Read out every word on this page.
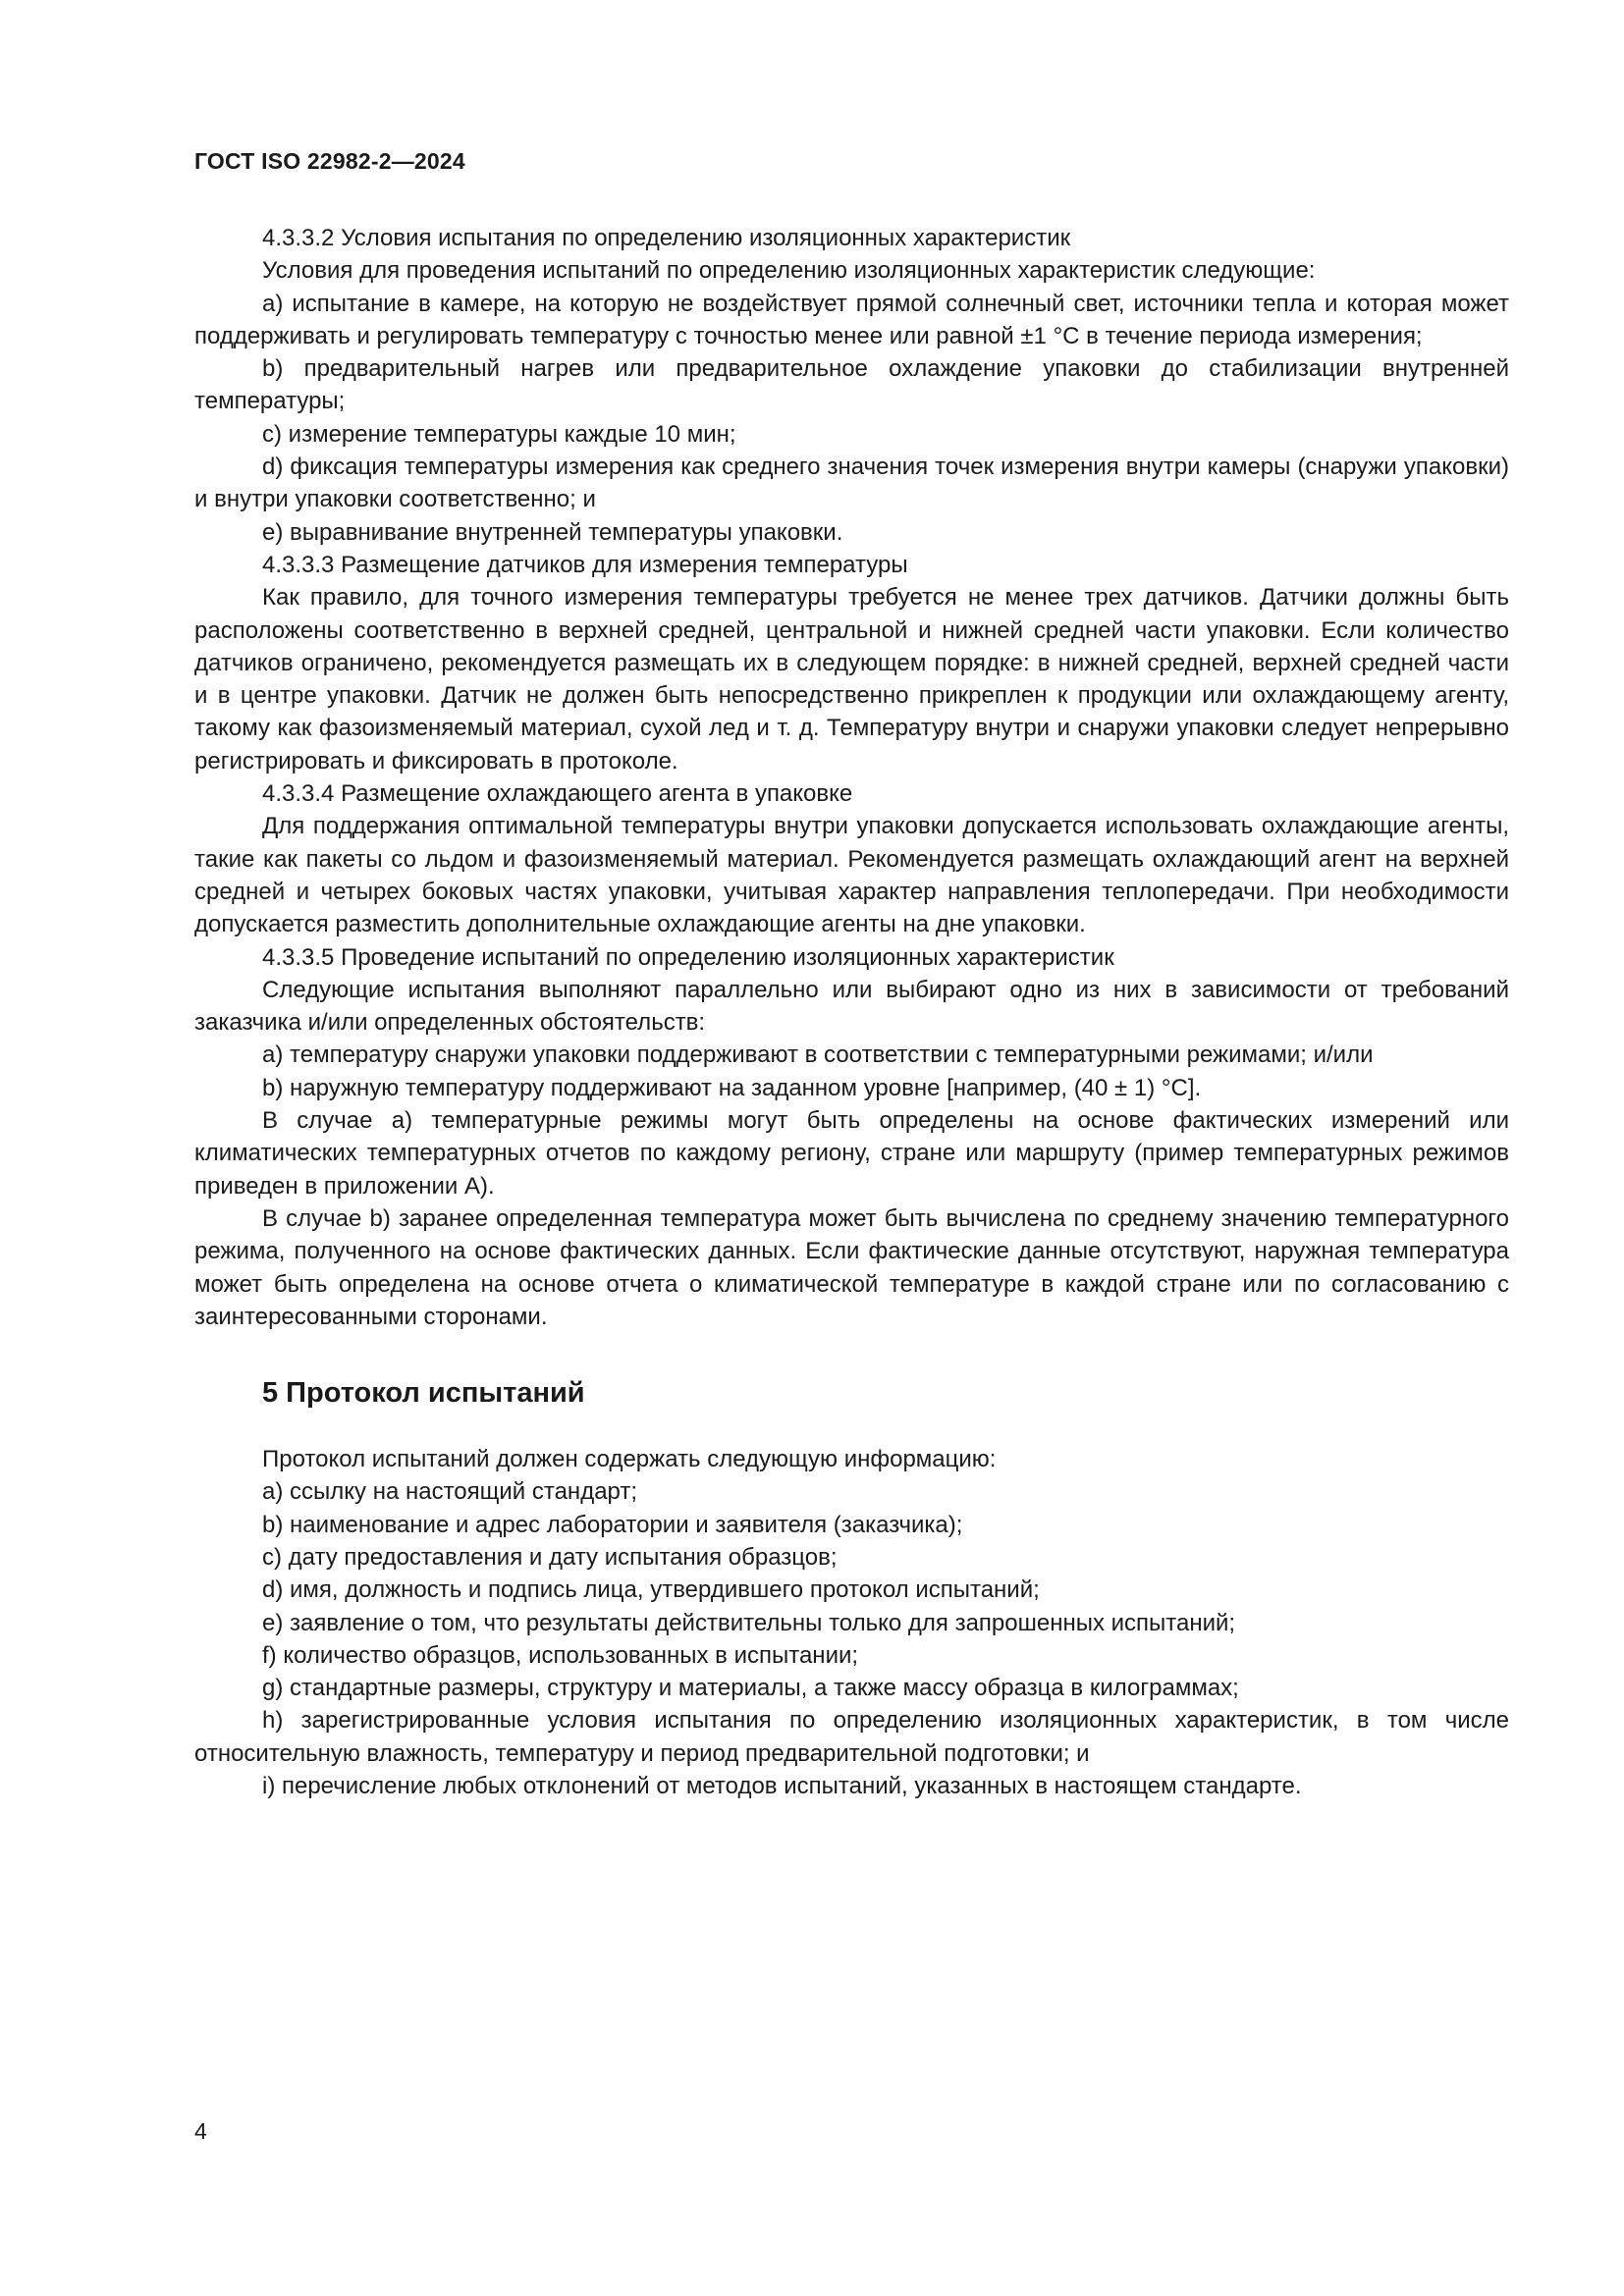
ГОСТ ISO 22982-2—2024

4.3.3.2 Условия испытания по определению изоляционных характеристик

Условия для проведения испытаний по определению изоляционных характеристик следующие:

а) испытание в камере, на которую не воздействует прямой солнечный свет, источники тепла и которая может поддерживать и регулировать температуру с точностью менее или равной ±1 °С в течение периода измерения;

b) предварительный нагрев или предварительное охлаждение упаковки до стабилизации внутренней температуры;

c) измерение температуры каждые 10 мин;

d) фиксация температуры измерения как среднего значения точек измерения внутри камеры (снаружи упаковки) и внутри упаковки соответственно; и

e) выравнивание внутренней температуры упаковки.

4.3.3.3 Размещение датчиков для измерения температуры

Как правило, для точного измерения температуры требуется не менее трех датчиков. Датчики должны быть расположены соответственно в верхней средней, центральной и нижней средней части упаковки. Если количество датчиков ограничено, рекомендуется размещать их в следующем порядке: в нижней средней, верхней средней части и в центре упаковки. Датчик не должен быть непосредственно прикреплен к продукции или охлаждающему агенту, такому как фазоизменяемый материал, сухой лед и т. д. Температуру внутри и снаружи упаковки следует непрерывно регистрировать и фиксировать в протоколе.

4.3.3.4 Размещение охлаждающего агента в упаковке

Для поддержания оптимальной температуры внутри упаковки допускается использовать охлаждающие агенты, такие как пакеты со льдом и фазоизменяемый материал. Рекомендуется размещать охлаждающий агент на верхней средней и четырех боковых частях упаковки, учитывая характер направления теплопередачи. При необходимости допускается разместить дополнительные охлаждающие агенты на дне упаковки.

4.3.3.5 Проведение испытаний по определению изоляционных характеристик

Следующие испытания выполняют параллельно или выбирают одно из них в зависимости от требований заказчика и/или определенных обстоятельств:

a) температуру снаружи упаковки поддерживают в соответствии с температурными режимами; и/или

b) наружную температуру поддерживают на заданном уровне [например, (40 ± 1) °С].

В случае a) температурные режимы могут быть определены на основе фактических измерений или климатических температурных отчетов по каждому региону, стране или маршруту (пример температурных режимов приведен в приложении А).

В случае b) заранее определенная температура может быть вычислена по среднему значению температурного режима, полученного на основе фактических данных. Если фактические данные отсутствуют, наружная температура может быть определена на основе отчета о климатической температуре в каждой стране или по согласованию с заинтересованными сторонами.

5 Протокол испытаний

Протокол испытаний должен содержать следующую информацию:

a) ссылку на настоящий стандарт;

b) наименование и адрес лаборатории и заявителя (заказчика);

c) дату предоставления и дату испытания образцов;

d) имя, должность и подпись лица, утвердившего протокол испытаний;

e) заявление о том, что результаты действительны только для запрошенных испытаний;

f) количество образцов, использованных в испытании;

g) стандартные размеры, структуру и материалы, а также массу образца в килограммах;

h) зарегистрированные условия испытания по определению изоляционных характеристик, в том числе относительную влажность, температуру и период предварительной подготовки; и

i) перечисление любых отклонений от методов испытаний, указанных в настоящем стандарте.

4
